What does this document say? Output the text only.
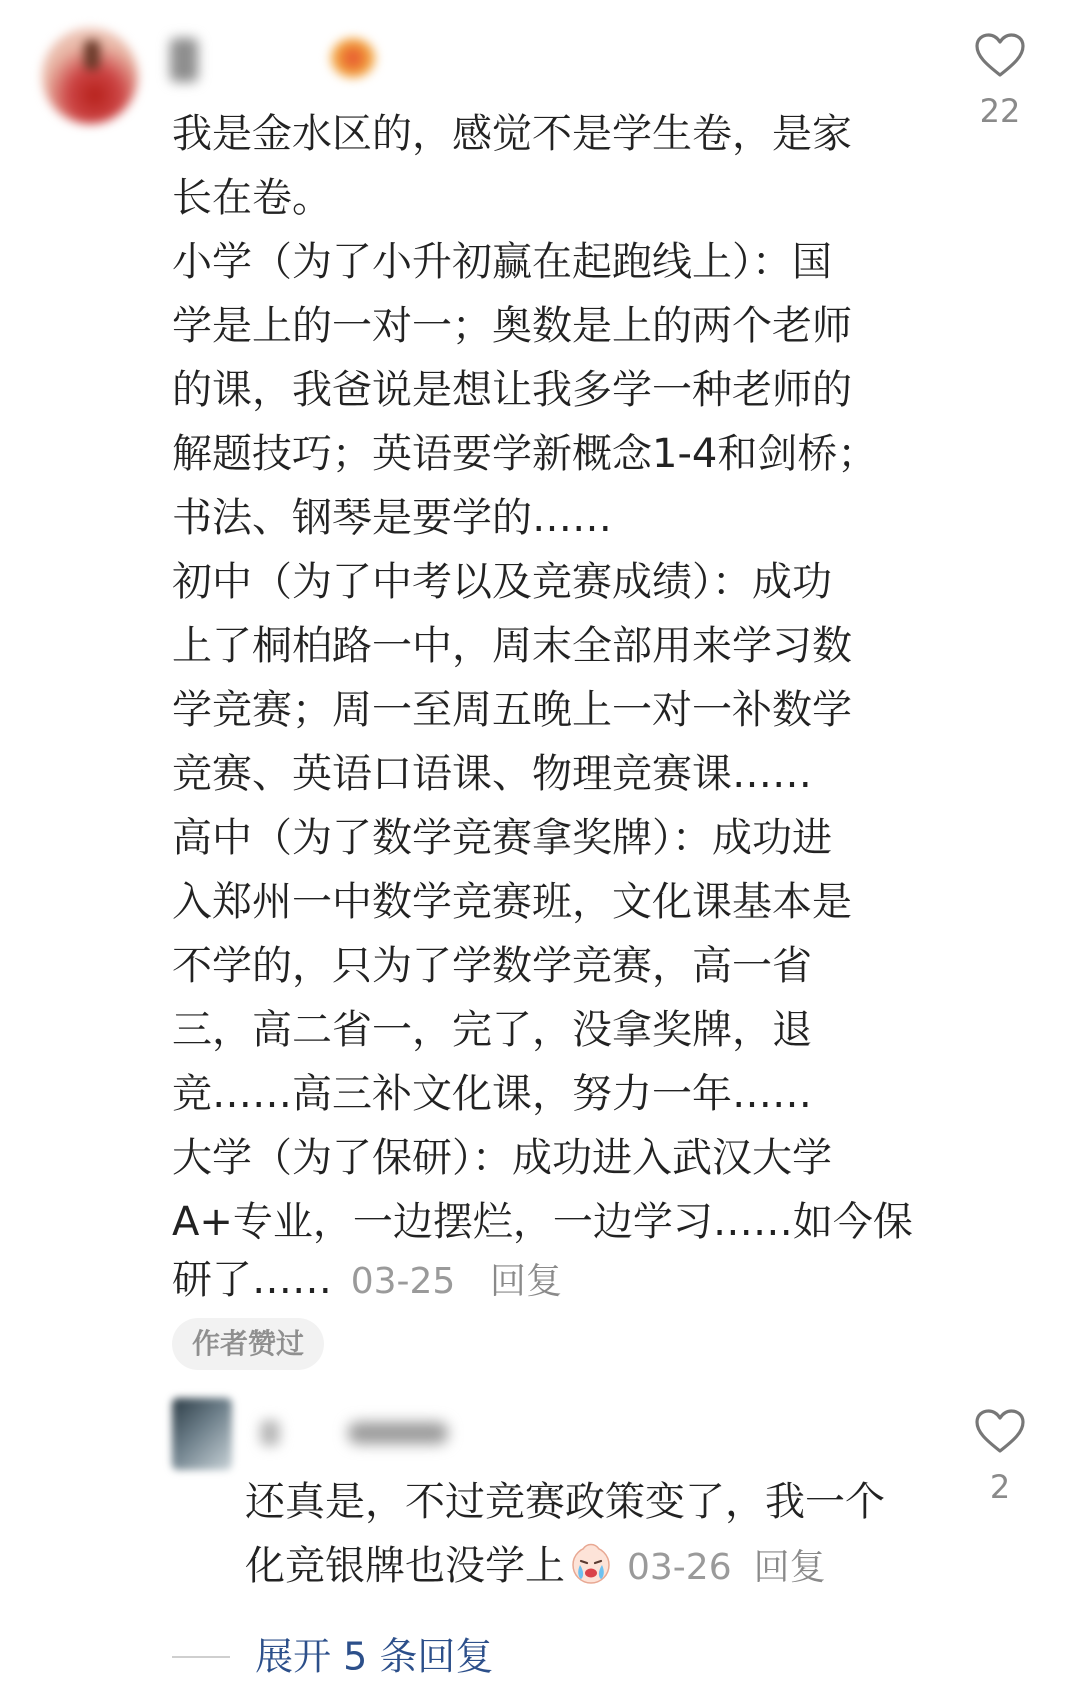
我是金水区的，感觉不是学生卷，是家

长在卷。

小学（为了小升初赢在起跑线上）：国

学是上的一对一；奥数是上的两个老师

的课，我爸说是想让我多学一种老师的

解题技巧；英语要学新概念1-4和剑桥；

书法、钢琴是要学的……

初中（为了中考以及竞赛成绩）：成功

上了桐柏路一中，周末全部用来学习数

学竞赛；周一至周五晚上一对一补数学

竞赛、英语口语课、物理竞赛课……

高中（为了数学竞赛拿奖牌）：成功进

入郑州一中数学竞赛班，文化课基本是

不学的，只为了学数学竞赛，高一省

三，高二省一，完了，没拿奖牌，退

竞……高三补文化课，努力一年……

大学（为了保研）：成功进入武汉大学

A+专业，一边摆烂，一边学习……如今保

研了…… 03-25 回复
作者赞过
22

还真是，不过竞赛政策变了，我一个

化竞银牌也没学上 03-26 回复

2
展开 5 条回复
